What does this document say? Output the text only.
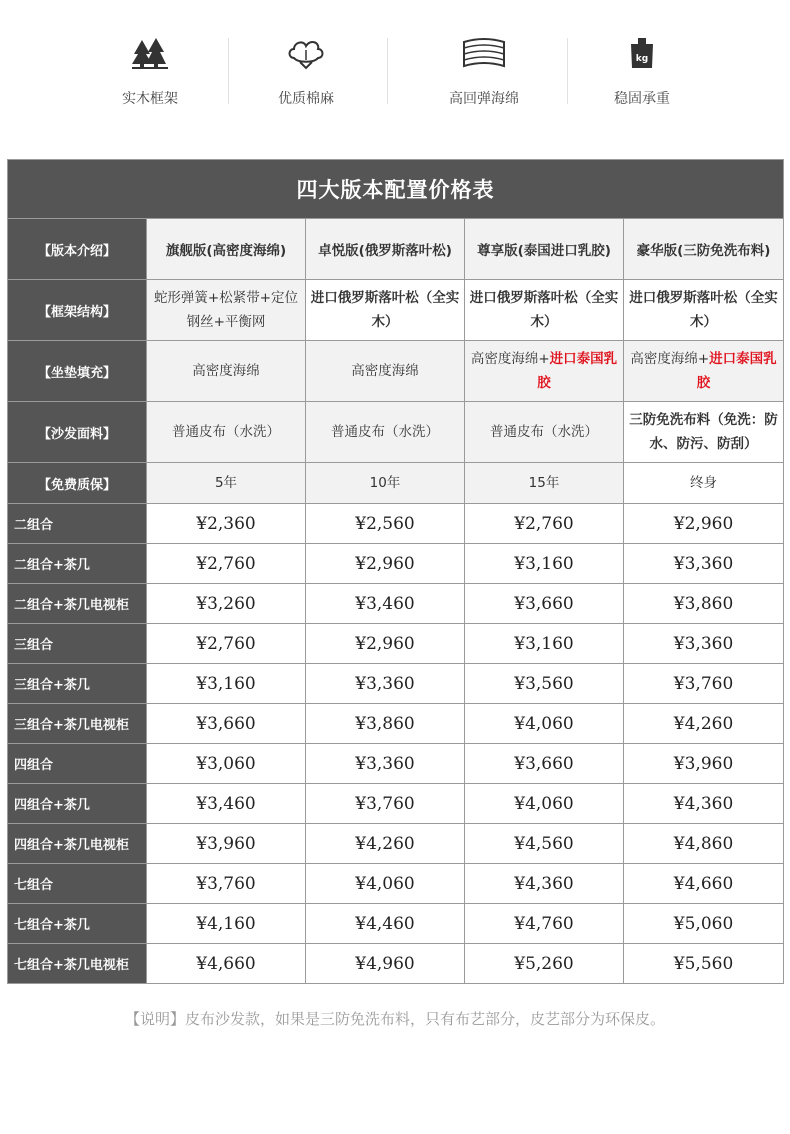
实木框架	优质棉麻	高回弹海绵
kg
稳固承重
四大版本配置价格表				
【版本介绍】	旗舰版(高密度海绵)	卓悦版(俄罗斯落叶松)	尊享版(泰国进口乳胶)	豪华版(三防免洗布料)
【框架结构】	蛇形弹簧+松紧带+定位钢丝+平衡网	进口俄罗斯落叶松（全实木）	进口俄罗斯落叶松（全实木）	进口俄罗斯落叶松（全实木）
【坐垫填充】	高密度海绵	高密度海绵	高密度海绵+进口泰国乳胶	高密度海绵+进口泰国乳胶
【沙发面料】	普通皮布（水洗）	普通皮布（水洗）	普通皮布（水洗）	三防免洗布料（免洗：防水、防污、防刮）
【免费质保】	5年	10年	15年	终身
二组合	¥2,360	¥2,560	¥2,760	¥2,960
二组合+茶几	¥2,760	¥2,960	¥3,160	¥3,360
二组合+茶几电视柜	¥3,260	¥3,460	¥3,660	¥3,860
三组合	¥2,760	¥2,960	¥3,160	¥3,360
三组合+茶几	¥3,160	¥3,360	¥3,560	¥3,760
三组合+茶几电视柜	¥3,660	¥3,860	¥4,060	¥4,260
四组合	¥3,060	¥3,360	¥3,660	¥3,960
四组合+茶几	¥3,460	¥3,760	¥4,060	¥4,360
四组合+茶几电视柜	¥3,960	¥4,260	¥4,560	¥4,860
七组合	¥3,760	¥4,060	¥4,360	¥4,660
七组合+茶几	¥4,160	¥4,460	¥4,760	¥5,060
七组合+茶几电视柜	¥4,660	¥4,960	¥5,260	¥5,560
【说明】皮布沙发款，如果是三防免洗布料，只有布艺部分，皮艺部分为环保皮。
